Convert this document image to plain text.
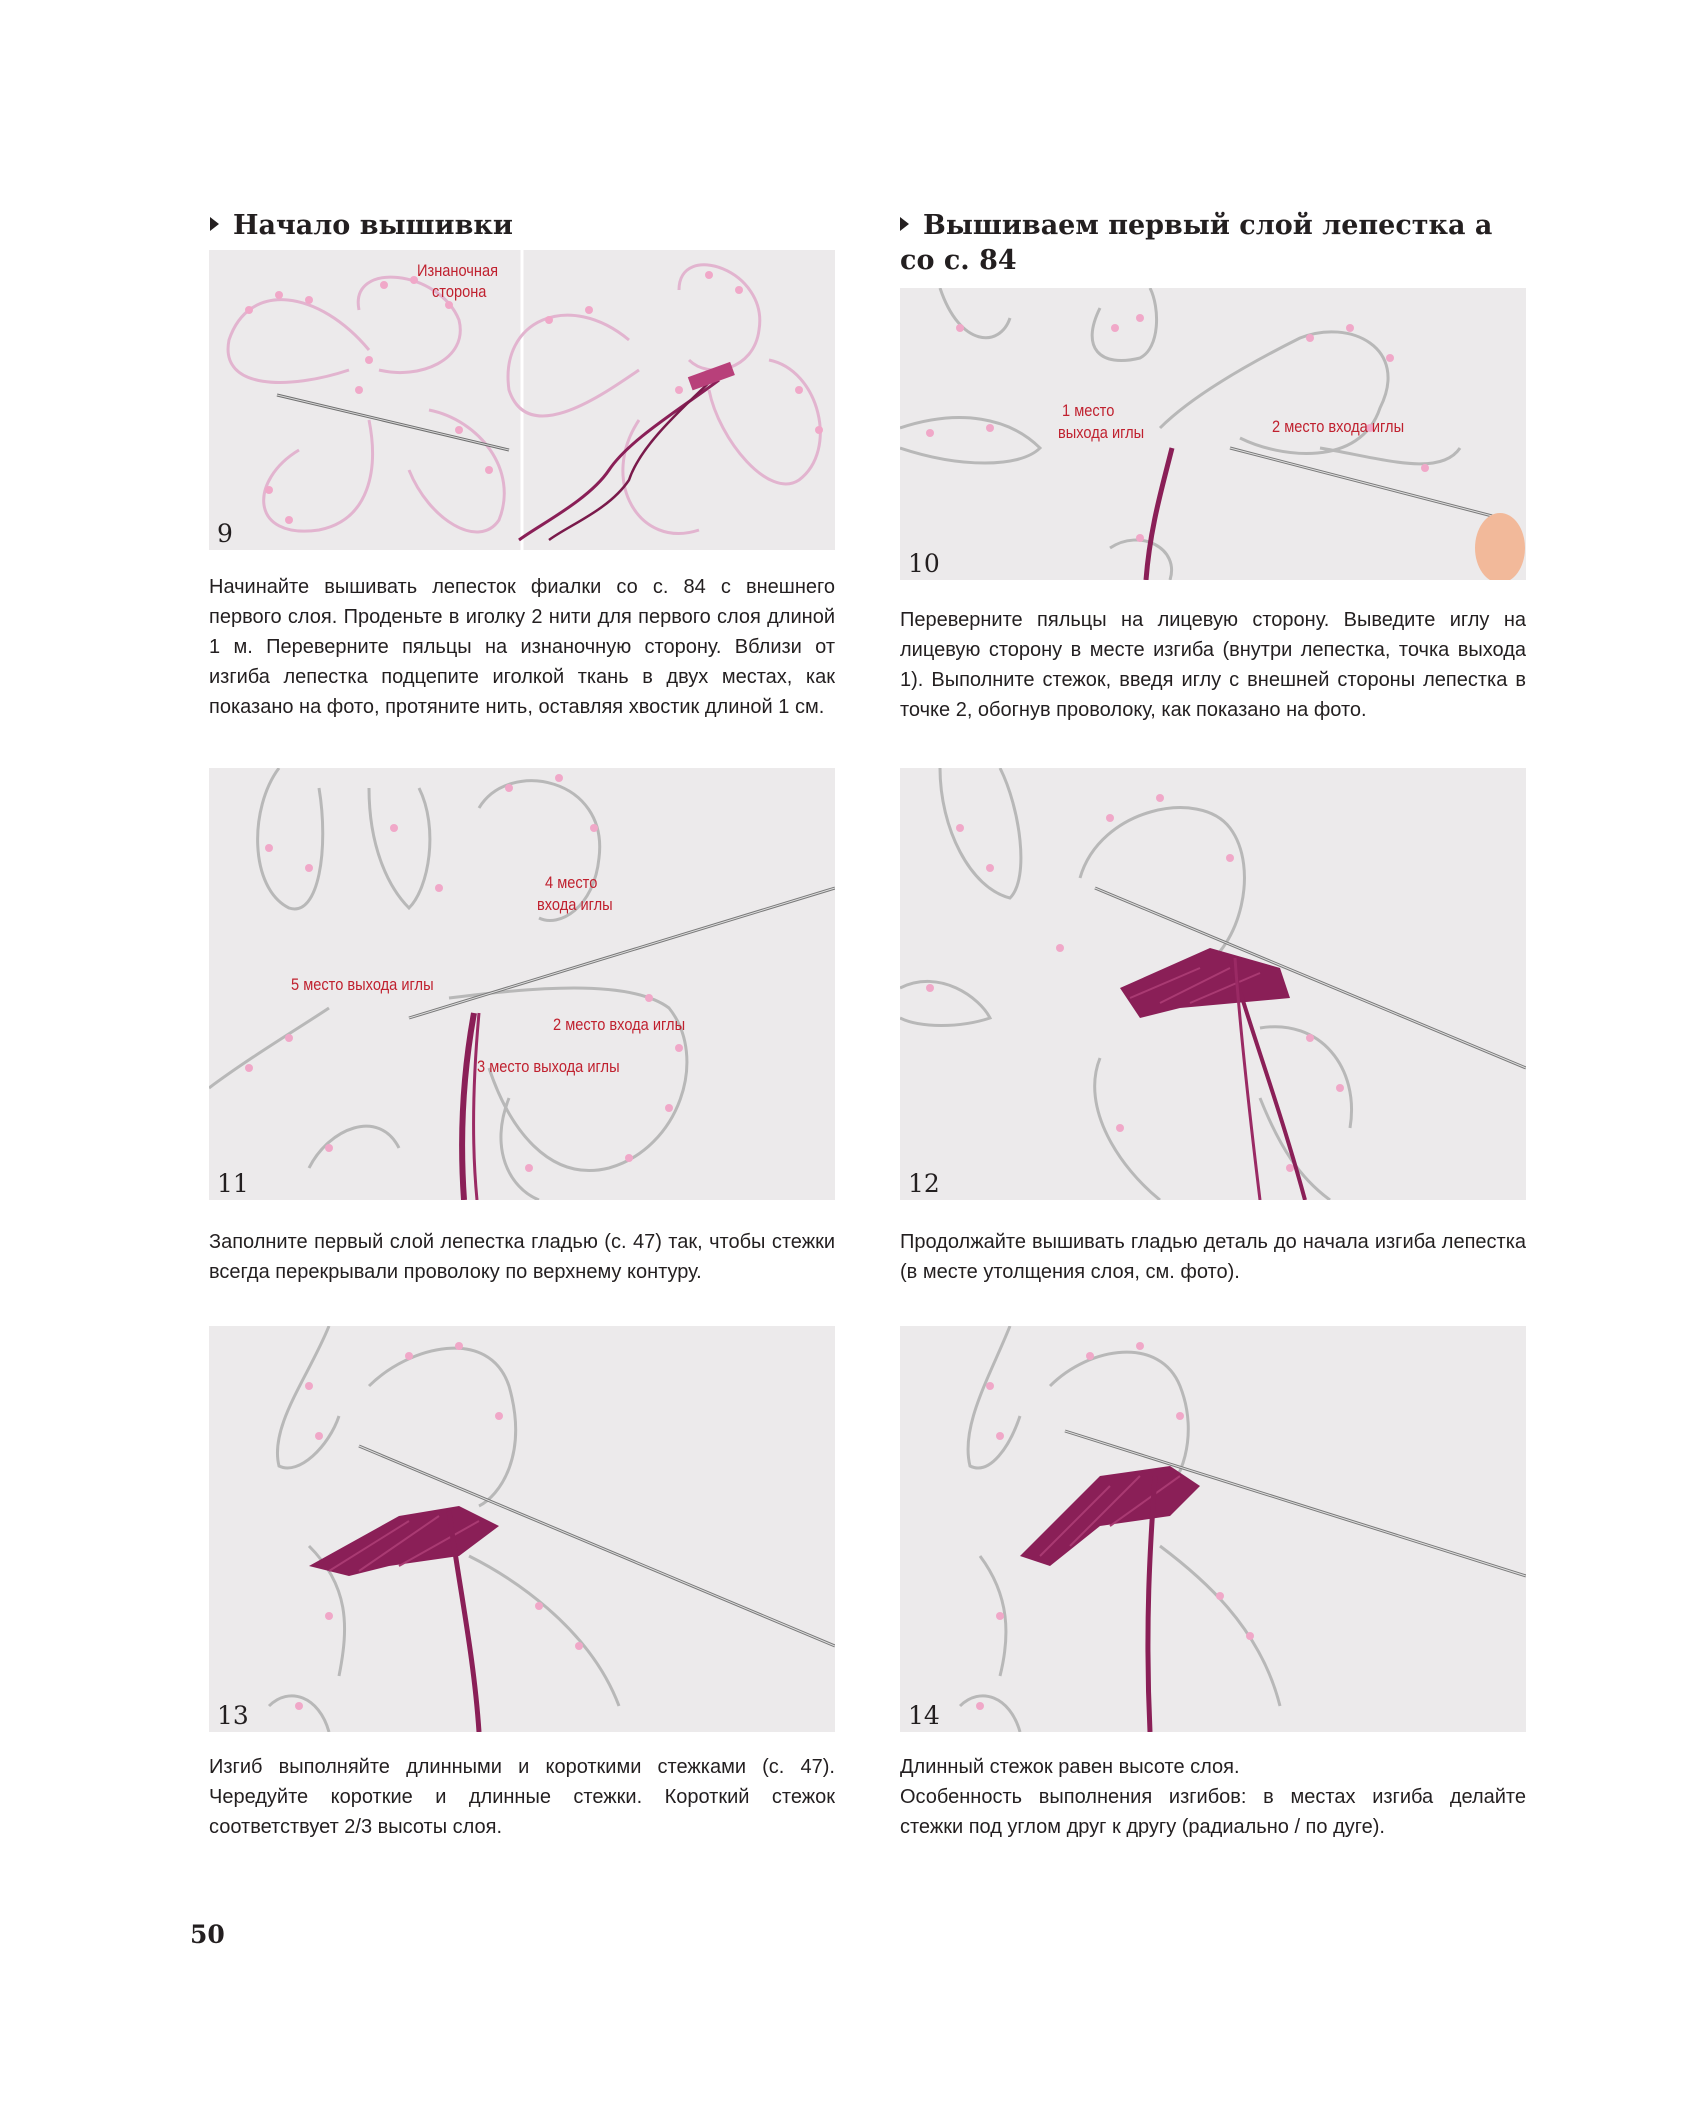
Начало вышивки	Вышиваем первый слой лепестка а
со с. 84
Изнаночная
сторона
9
1 место
выхода иглы	2 место входа иглы
10
4 место
входа иглы
5 место выхода иглы
2 место входа иглы
3 место выхода иглы
11	12
13	14

Начинайте вышивать лепесток фиалки со с. 84 с внешнего первого слоя. Проденьте в иголку 2 нити для первого слоя длиной 1 м. Переверните пяльцы на изнаночную сторону. Вблизи от изгиба лепестка подцепите иголкой ткань в двух местах, как показано на фото, протяните нить, оставляя хвостик длиной 1 см.

Переверните пяльцы на лицевую сторону. Выведите иглу на лицевую сторону в месте изгиба (внутри лепестка, точка выхода 1). Выполните стежок, введя иглу с внешней стороны лепестка в точке 2, обогнув проволоку, как показано на фото.

Заполните первый слой лепестка гладью (с. 47) так, чтобы стежки всегда перекрывали проволоку по верхнему контуру.

Продолжайте вышивать гладью деталь до начала изгиба лепестка (в месте утолщения слоя, см. фото).

Изгиб выполняйте длинными и короткими стежками (с. 47). Чередуйте короткие и длинные стежки. Короткий стежок соответствует 2/3 высоты слоя.

Длинный стежок равен высоте слоя.

Особенность выполнения изгибов: в местах изгиба делайте стежки под углом друг к другу (радиально / по дуге).

50
